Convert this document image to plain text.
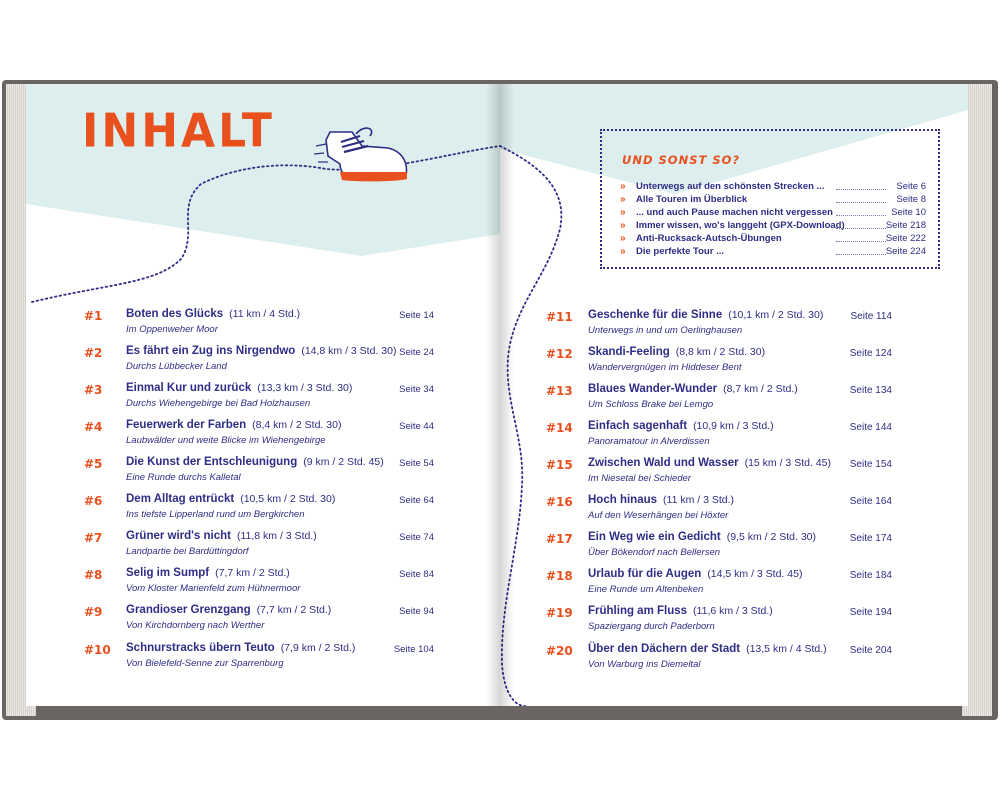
INHALT
#1 Boten des Glücks (11 km / 4 Std.)
Im Oppenweher Moor
Seite 14
#2 Es fährt ein Zug ins Nirgendwo (14,8 km / 3 Std. 30)
Durchs Lübbecker Land
Seite 24
#3 Einmal Kur und zurück (13,3 km / 3 Std. 30)
Durchs Wiehengebirge bei Bad Holzhausen
Seite 34
#4 Feuerwerk der Farben (8,4 km / 2 Std. 30)
Laubwälder und weite Blicke im Wiehengebirge
Seite 44
#5 Die Kunst der Entschleunigung (9 km / 2 Std. 45)
Eine Runde durchs Kalletal
Seite 54
#6 Dem Alltag entrückt (10,5 km / 2 Std. 30)
Ins tiefste Lipperland rund um Bergkirchen
Seite 64
#7 Grüner wird's nicht (11,8 km / 3 Std.)
Landpartie bei Bardüttingdorf
Seite 74
#8 Selig im Sumpf (7,7 km / 2 Std.)
Vom Kloster Marienfeld zum Hühnermoor
Seite 84
#9 Grandioser Grenzgang (7,7 km / 2 Std.)
Von Kirchdornberg nach Werther
Seite 94
#10 Schnurstracks übern Teuto (7,9 km / 2 Std.)
Von Bielefeld-Senne zur Sparrenburg
Seite 104
UND SONST SO?
» Unterwegs auf den schönsten Strecken ...	Seite 6
» Alle Touren im Überblick	Seite 8
» ... und auch Pause machen nicht vergessen	Seite 10
» Immer wissen, wo's langgeht (GPX-Download)	Seite 218
» Anti-Rucksack-Autsch-Übungen	Seite 222
» Die perfekte Tour ...	Seite 224
#11 Geschenke für die Sinne (10,1 km / 2 Std. 30)
Unterwegs in und um Oerlinghausen
Seite 114
#12 Skandi-Feeling (8,8 km / 2 Std. 30)
Wandervergnügen im Hiddeser Bent
Seite 124
#13 Blaues Wander-Wunder (8,7 km / 2 Std.)
Um Schloss Brake bei Lemgo
Seite 134
#14 Einfach sagenhaft (10,9 km / 3 Std.)
Panoramatour in Alverdissen
Seite 144
#15 Zwischen Wald und Wasser (15 km / 3 Std. 45)
Im Niesetal bei Schieder
Seite 154
#16 Hoch hinaus (11 km / 3 Std.)
Auf den Weserhängen bei Höxter
Seite 164
#17 Ein Weg wie ein Gedicht (9,5 km / 2 Std. 30)
Über Bökendorf nach Bellersen
Seite 174
#18 Urlaub für die Augen (14,5 km / 3 Std. 45)
Eine Runde um Altenbeken
Seite 184
#19 Frühling am Fluss (11,6 km / 3 Std.)
Spaziergang durch Paderborn
Seite 194
#20 Über den Dächern der Stadt (13,5 km / 4 Std.)
Von Warburg ins Diemeltal
Seite 204
